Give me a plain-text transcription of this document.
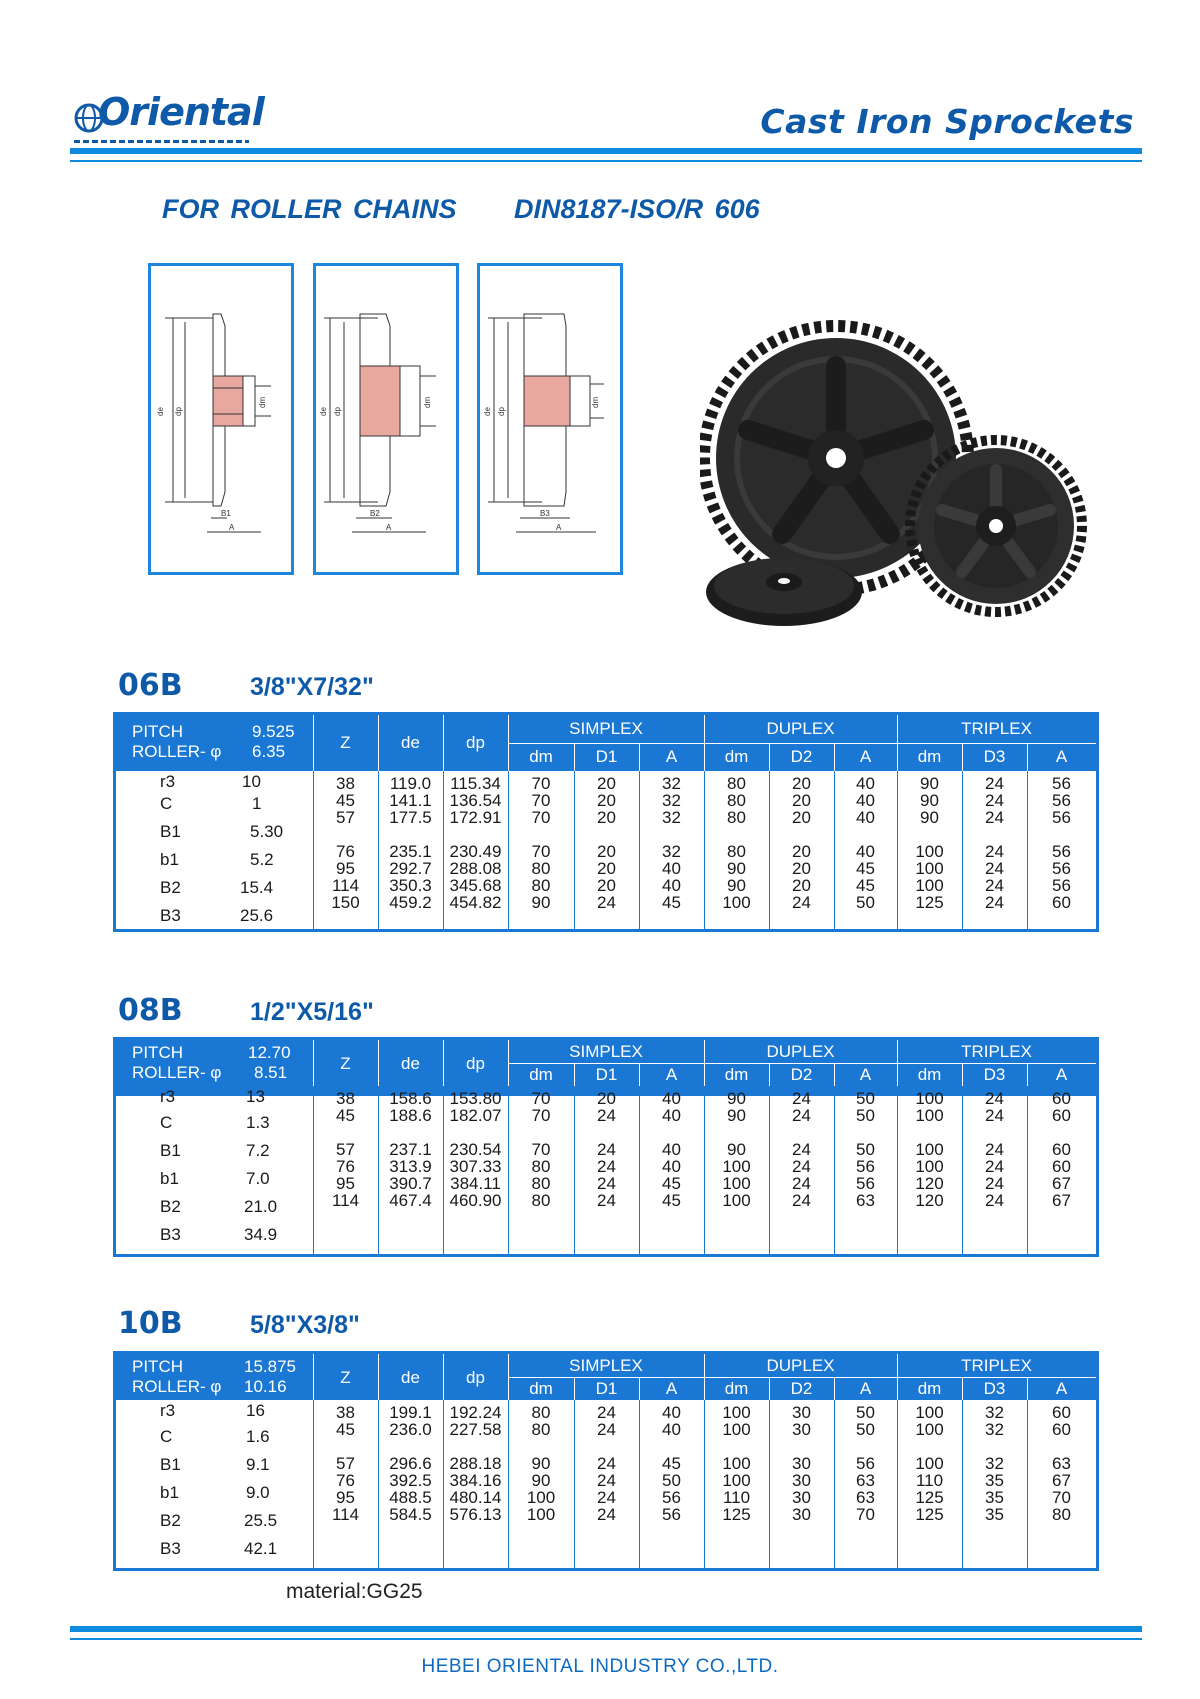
Oriental	Cast Iron Sprockets
FOR ROLLER CHAINS DIN8187-ISO/R 606
de dp
dm
B1
A
de dp
dm
B2
A
de dp
dm
B3
A
06B	3/8"X7/32"
PITCH	9.525
ROLLER- φ 6.35	Z	de	dp
SIMPLEX	DUPLEX	TRIPLEX
dm	D1	A	dm	D2	A	dm	D3	A
r3	10
C	1
B1	5.30
b1	5.2
B2	15.4
B3	25.6
38	119.0	115.34	70	20	32	80	20	40	90	24	56
45	141.1	136.54	70	20	32	80	20	40	90	24	56
57	177.5	172.91	70	20	32	80	20	40	90	24	56
76	235.1	230.49	70	20	32	80	20	40	100	24	56
95	292.7	288.08	80	20	40	90	20	45	100	24	56
114	350.3	345.68	80	20	40	90	20	45	100	24	56
150	459.2	454.82	90	24	45	100	24	50	125	24	60
08B	1/2"X5/16"
PITCH	12.70
ROLLER- φ 8.51	Z	de	dp
SIMPLEX	DUPLEX	TRIPLEX
dm	D1	A	dm	D2	A	dm	D3	A
r3	13
C	1.3
B1	7.2
b1	7.0
B2	21.0
B3	34.9
38	158.6	153.80	70	20	40	90	24	50	100	24	60
45	188.6	182.07	70	24	40	90	24	50	100	24	60
57	237.1	230.54	70	24	40	90	24	50	100	24	60
76	313.9	307.33	80	24	40	100	24	56	100	24	60
95	390.7	384.11	80	24	45	100	24	56	120	24	67
114	467.4	460.90	80	24	45	100	24	63	120	24	67
10B	5/8"X3/8"
PITCH	15.875
ROLLER- φ 10.16	Z	de	dp
SIMPLEX	DUPLEX	TRIPLEX
dm	D1	A	dm	D2	A	dm	D3	A
r3	16
C	1.6
B1	9.1
b1	9.0
B2	25.5
B3	42.1
38	199.1	192.24	80	24	40	100	30	50	100	32	60
45	236.0	227.58	80	24	40	100	30	50	100	32	60
57	296.6	288.18	90	24	45	100	30	56	100	32	63
76	392.5	384.16	90	24	50	100	30	63	110	35	67
95	488.5	480.14	100	24	56	110	30	63	125	35	70
114	584.5	576.13	100	24	56	125	30	70	125	35	80
material:GG25
HEBEI ORIENTAL INDUSTRY CO.,LTD.
